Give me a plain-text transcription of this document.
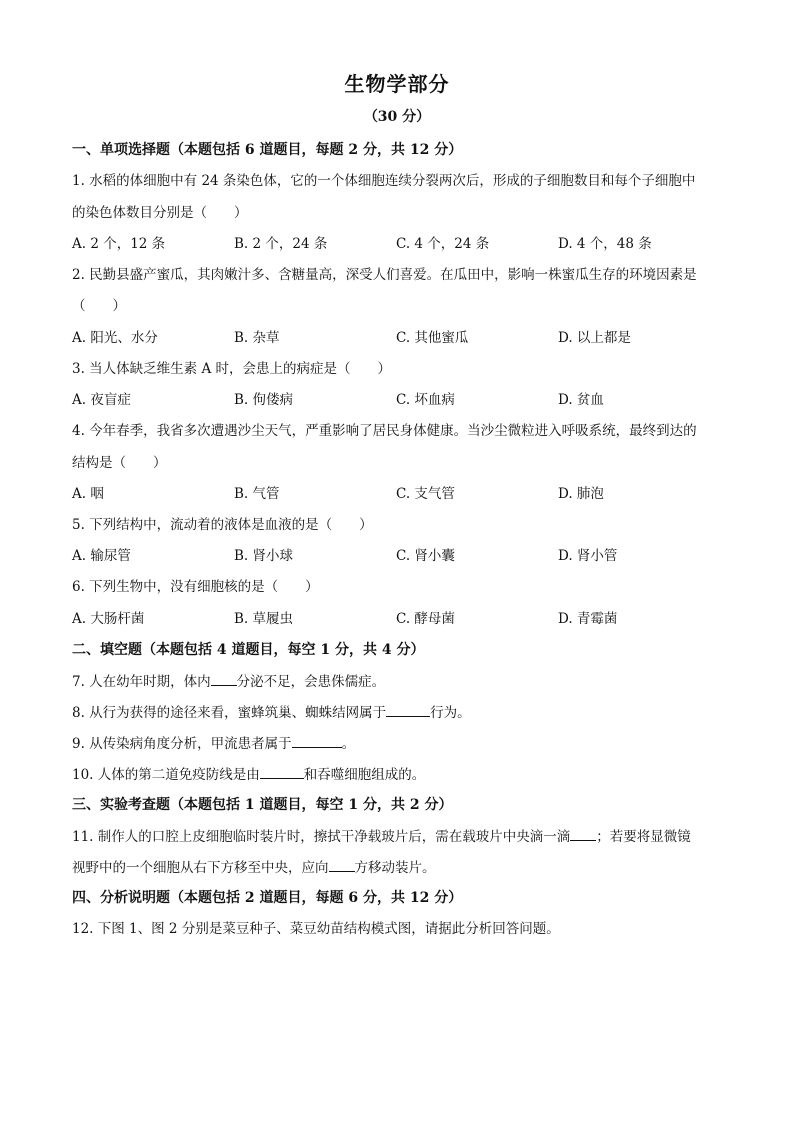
生物学部分
（30 分）
一、单项选择题（本题包括 6 道题目，每题 2 分，共 12 分）
1. 水稻的体细胞中有 24 条染色体，它的一个体细胞连续分裂两次后，形成的子细胞数目和每个子细胞中
的染色体数目分别是（　　）
A. 2 个，12 条	B. 2 个，24 条	C. 4 个，24 条	D. 4 个，48 条
2. 民勤县盛产蜜瓜，其肉嫩汁多、含糖量高，深受人们喜爱。在瓜田中，影响一株蜜瓜生存的环境因素是
（　　）
A. 阳光、水分	B. 杂草	C. 其他蜜瓜	D. 以上都是
3. 当人体缺乏维生素 A 时，会患上的病症是（　　）
A. 夜盲症	B. 佝偻病	C. 坏血病	D. 贫血
4. 今年春季，我省多次遭遇沙尘天气，严重影响了居民身体健康。当沙尘微粒进入呼吸系统，最终到达的
结构是（　　）
A. 咽	B. 气管	C. 支气管	D. 肺泡
5. 下列结构中，流动着的液体是血液的是（　　）
A. 输尿管	B. 肾小球	C. 肾小囊	D. 肾小管
6. 下列生物中，没有细胞核的是（　　）
A. 大肠杆菌	B. 草履虫	C. 酵母菌	D. 青霉菌
二、填空题（本题包括 4 道题目，每空 1 分，共 4 分）
7. 人在幼年时期，体内 分泌不足，会患侏儒症。
8. 从行为获得的途径来看，蜜蜂筑巢、蜘蛛结网属于	行为。
9. 从传染病角度分析，甲流患者属于	。
10. 人体的第二道免疫防线是由	和吞噬细胞组成的。
三、实验考查题（本题包括 1 道题目，每空 1 分，共 2 分）
11. 制作人的口腔上皮细胞临时装片时，擦拭干净载玻片后，需在载玻片中央滴一滴 ；若要将显微镜
视野中的一个细胞从右下方移至中央，应向 方移动装片。
四、分析说明题（本题包括 2 道题目，每题 6 分，共 12 分）
12. 下图 1、图 2 分别是菜豆种子、菜豆幼苗结构模式图，请据此分析回答问题。
